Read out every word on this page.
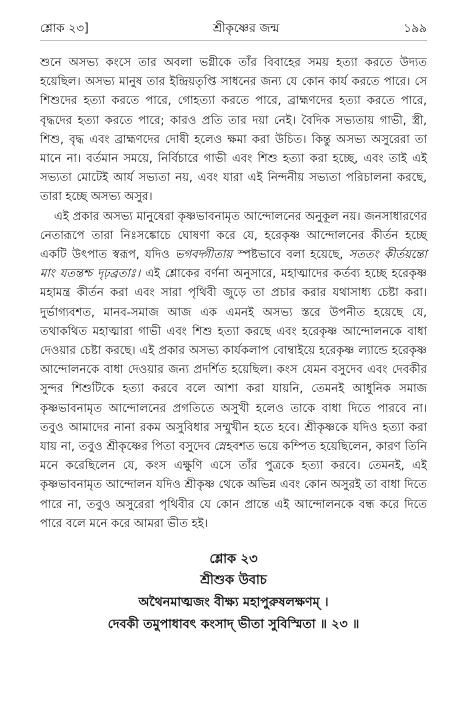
শ্লোক ২৩]	শ্রীকৃষ্ণের জন্ম	১৯৯

শুনে অসভ্য কংসে তার অবলা ভগ্নীকে তাঁর বিবাহের সময় হত্যা করতে উদ্যত হয়েছিল। অসভ্য মানুষ তার ইন্দ্রিয়তৃপ্তি সাধনের জন্য যে কোন কার্য করতে পারে। সে শিশুদের হত্যা করতে পারে, গোহত্যা করতে পারে, ব্রাহ্মণদের হত্যা করতে পারে, বৃদ্ধদের হত্যা করতে পারে; কারও প্রতি তার দয়া নেই। বৈদিক সভ্যতায় গাভী, স্ত্রী, শিশু, বৃদ্ধ এবং ব্রাহ্মণদের দোষী হলেও ক্ষমা করা উচিত। কিন্তু অসভ্য অসুরেরা তা মানে না। বর্তমান সময়ে, নির্বিচারে গাভী এবং শিশু হত্যা করা হচ্ছে, এবং তাই এই সভ্যতা মোটেই আর্য সভ্যতা নয়, এবং যারা এই নিন্দনীয় সভ্যতা পরিচালনা করছে, তারা হচ্ছে অসভ্য অসুর।

এই প্রকার অসভ্য মানুষেরা কৃষ্ণভাবনামৃত আন্দোলনের অনুকূল নয়। জনসাধারণের নেতারূপে তারা নিঃসঙ্কোচে ঘোষণা করে যে, হরেকৃষ্ণ আন্দোলনের কীর্তন হচ্ছে একটি উৎপাত স্বরূপ, যদিও ভগবদ্গীতায় স্পষ্টভাবে বলা হয়েছে, সততং কীর্তয়ন্তো মাং যতন্তশ্চ দৃঢ়ব্রতাঃ। এই শ্লোকের বর্ণনা অনুসারে, মহাত্মাদের কর্তব্য হচ্ছে হরেকৃষ্ণ মহামন্ত্র কীর্তন করা এবং সারা পৃথিবী জুড়ে তা প্রচার করার যথাসাধ্য চেষ্টা করা। দুর্ভাগ্যবশত, মানব-সমাজ আজ এক এমনই অসভ্য স্তরে উপনীত হয়েছে যে, তথাকথিত মহাত্মারা গাভী এবং শিশু হত্যা করছে এবং হরেকৃষ্ণ আন্দোলনকে বাধা দেওয়ার চেষ্টা করছে। এই প্রকার অসভ্য কার্যকলাপ বোম্বাইয়ে হরেকৃষ্ণ ল্যান্ডে হরেকৃষ্ণ আন্দোলনকে বাধা দেওয়ার জন্য প্রদর্শিত হয়েছিল। কংস যেমন বসুদেব এবং দেবকীর সুন্দর শিশুটিকে হত্যা করবে বলে আশা করা যায়নি, তেমনই আধুনিক সমাজ কৃষ্ণভাবনামৃত আন্দোলনের প্রগতিতে অসুখী হলেও তাকে বাধা দিতে পারবে না। তবুও আমাদের নানা রকম অসুবিধার সম্মুখীন হতে হবে। শ্রীকৃষ্ণকে যদিও হত্যা করা যায় না, তবুও শ্রীকৃষ্ণের পিতা বসুদেব স্নেহবশত ভয়ে কম্পিত হয়েছিলেন, কারণ তিনি মনে করেছিলেন যে, কংস এক্ষুণি এসে তাঁর পুত্রকে হত্যা করবে। তেমনই, এই কৃষ্ণভাবনামৃত আন্দোলন যদিও শ্রীকৃষ্ণ থেকে অভিন্ন এবং কোন অসুরই তা বাধা দিতে পারে না, তবুও অসুরেরা পৃথিবীর যে কোন প্রান্তে এই আন্দোলনকে বন্ধ করে দিতে পারে বলে মনে করে আমরা ভীত হই।

শ্লোক ২৩
শ্রীশুক উবাচ
অথৈনমাত্মজং বীক্ষ্য মহাপুরুষলক্ষণম্ ।
দেবকী তমুপাধাবৎ কংসাদ্ ভীতা সুবিস্মিতা ॥ ২৩ ॥
